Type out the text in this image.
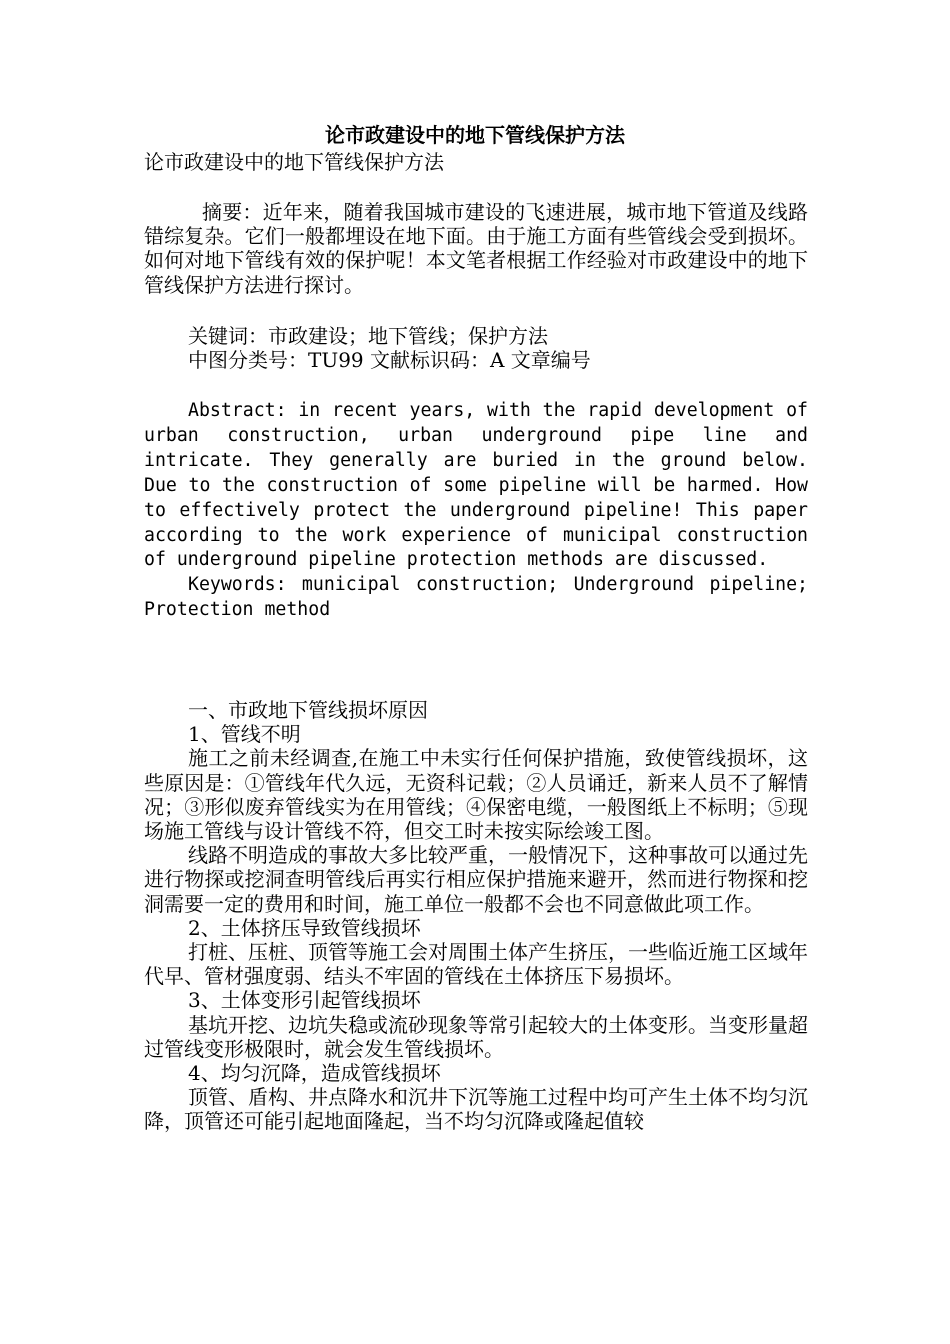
论市政建设中的地下管线保护方法
论市政建设中的地下管线保护方法

摘要：近年来，随着我国城市建设的飞速进展，城市地下管道及线路错综复杂。它们一般都埋设在地下面。由于施工方面有些管线会受到损坏。如何对地下管线有效的保护呢！本文笔者根据工作经验对市政建设中的地下管线保护方法进行探讨。

关键词：市政建设；地下管线；保护方法
中图分类号：TU99 文献标识码：A 文章编号

Abstract: in recent years, with the rapid development of urban construction, urban underground pipe line and intricate. They generally are buried in the ground below. Due to the construction of some pipeline will be harmed. How to effectively protect the underground pipeline! This paper according to the work experience of municipal construction of underground pipeline protection methods are discussed.

Keywords: municipal construction; Underground pipeline; Protection method

一、市政地下管线损坏原因
1、管线不明

施工之前未经调查,在施工中未实行任何保护措施，致使管线损坏，这些原因是：①管线年代久远，无资科记载；②人员诵迁，新来人员不了解情况；③形似废弃管线实为在用管线；④保密电缆，一般图纸上不标明；⑤现场施工管线与设计管线不符，但交工时未按实际绘竣工图。

线路不明造成的事故大多比较严重，一般情况下，这种事故可以通过先进行物探或挖洞查明管线后再实行相应保护措施来避开，然而进行物探和挖洞需要一定的费用和时间，施工单位一般都不会也不同意做此项工作。

2、土体挤压导致管线损坏

打桩、压桩、顶管等施工会对周围土体产生挤压，一些临近施工区域年代早、管材强度弱、结头不牢固的管线在土体挤压下易损坏。

3、土体变形引起管线损坏

基坑开挖、边坑失稳或流砂现象等常引起较大的土体变形。当变形量超过管线变形极限时，就会发生管线损坏。

4、均匀沉降，造成管线损坏

顶管、盾构、井点降水和沉井下沉等施工过程中均可产生土体不均匀沉降，顶管还可能引起地面隆起，当不均匀沉降或隆起值较
